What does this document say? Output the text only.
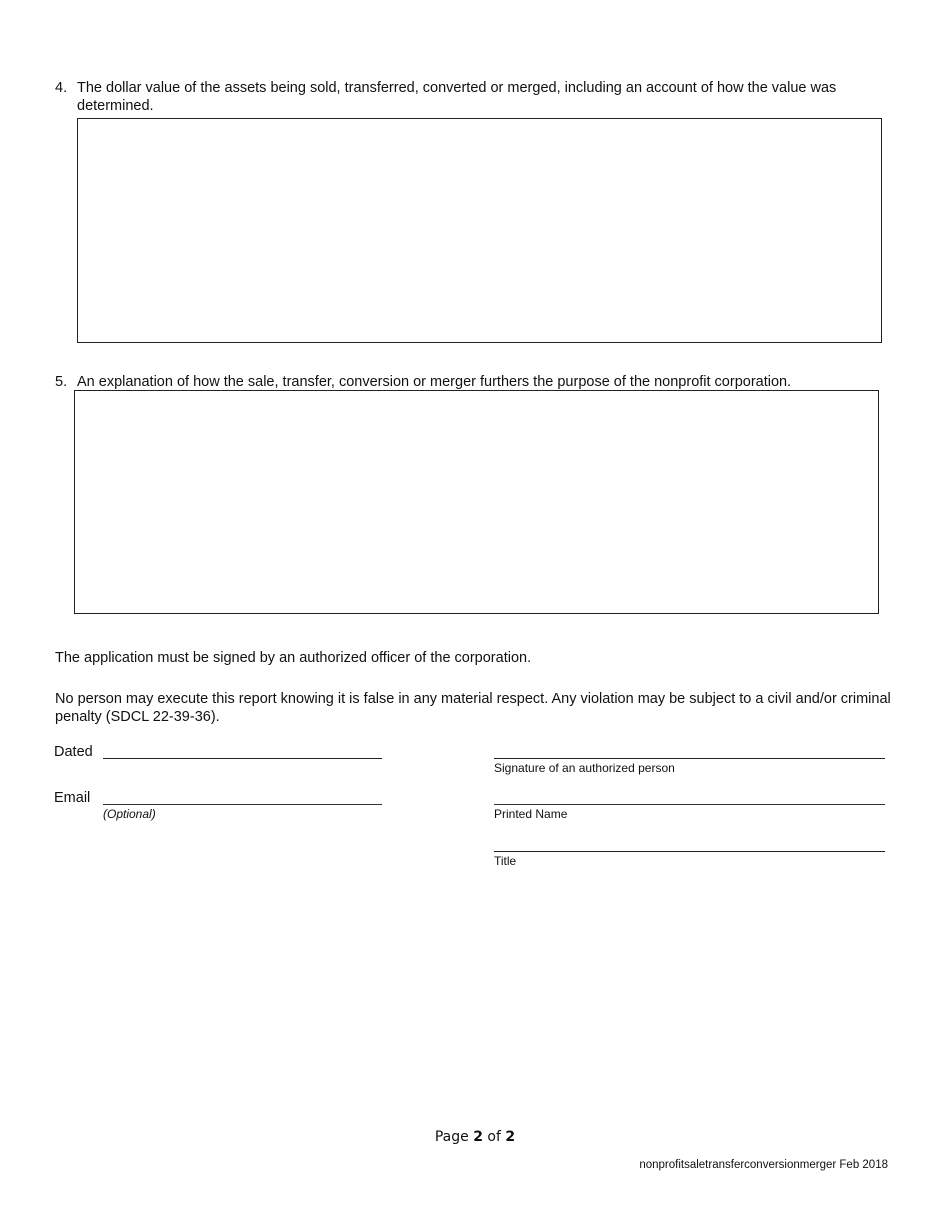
4. The dollar value of the assets being sold, transferred, converted or merged, including an account of how the value was determined.
5. An explanation of how the sale, transfer, conversion or merger furthers the purpose of the nonprofit corporation.
The application must be signed by an authorized officer of the corporation.
No person may execute this report knowing it is false in any material respect. Any violation may be subject to a civil and/or criminal penalty (SDCL 22-39-36).
Dated
Email
(Optional)
Signature of an authorized person
Printed Name
Title
Page 2 of 2
nonprofitsaletransferconversionmerger Feb 2018
